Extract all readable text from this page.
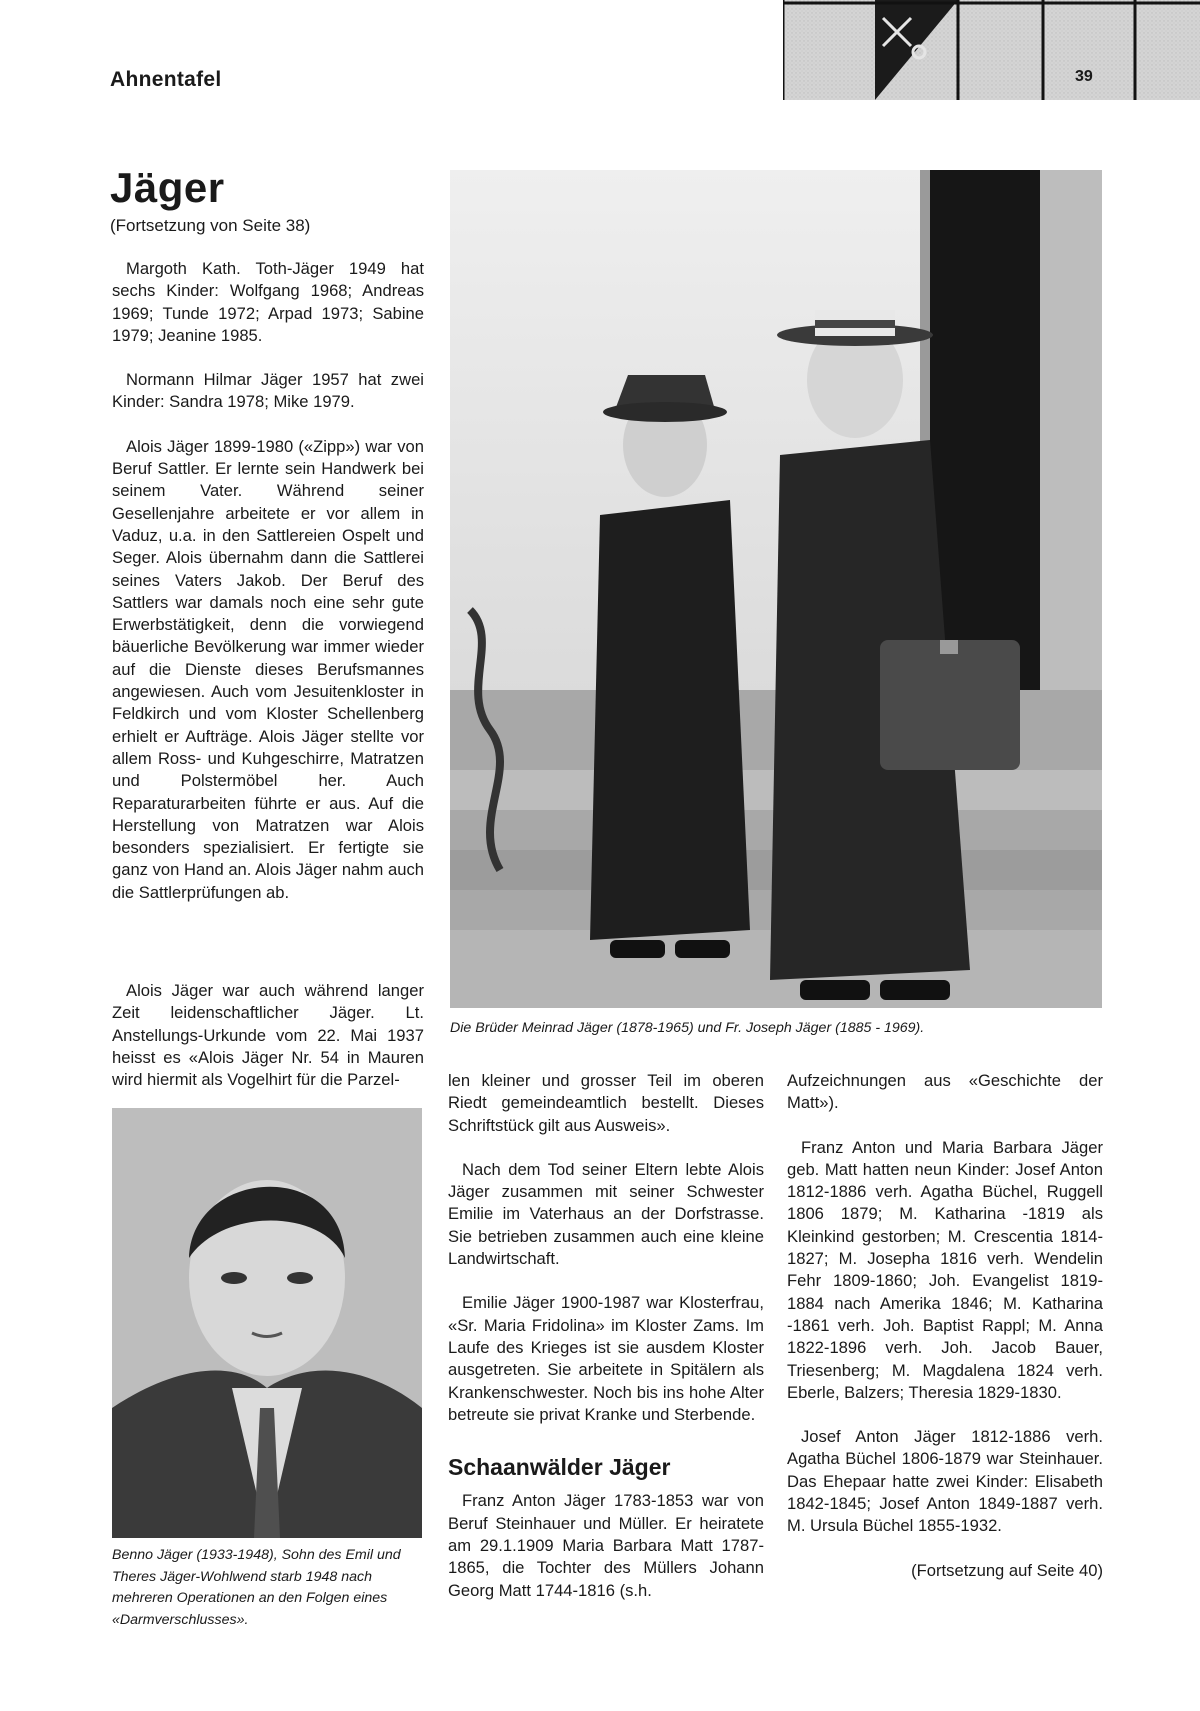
Ahnentafel	39
Jäger
(Fortsetzung von Seite 38)

Margoth Kath. Toth-Jäger 1949 hat sechs Kinder: Wolfgang 1968; Andreas 1969; Tunde 1972; Arpad 1973; Sabine 1979; Jeanine 1985.

Normann Hilmar Jäger 1957 hat zwei Kinder: Sandra 1978; Mike 1979.

Alois Jäger 1899-1980 («Zipp») war von Beruf Sattler. Er lernte sein Handwerk bei seinem Vater. Während seiner Gesellenjahre arbeitete er vor allem in Vaduz, u.a. in den Sattlereien Ospelt und Seger. Alois übernahm dann die Sattlerei seines Vaters Jakob. Der Beruf des Sattlers war damals noch eine sehr gute Erwerbstätigkeit, denn die vorwiegend bäuerliche Bevölkerung war immer wieder auf die Dienste dieses Berufsmannes angewiesen. Auch vom Jesuitenkloster in Feldkirch und vom Kloster Schellenberg erhielt er Aufträge. Alois Jäger stellte vor allem Ross- und Kuhgeschirre, Matratzen und Polstermöbel her. Auch Reparaturarbeiten führte er aus. Auf die Herstellung von Matratzen war Alois besonders spezialisiert. Er fertigte sie ganz von Hand an. Alois Jäger nahm auch die Sattlerprüfungen ab.

Alois Jäger war auch während langer Zeit leidenschaftlicher Jäger. Lt. Anstellungs-Urkunde vom 22. Mai 1937 heisst es «Alois Jäger Nr. 54 in Mauren wird hiermit als Vogelhirt für die Parzel-

Die Brüder Meinrad Jäger (1878-1965) und Fr. Joseph Jäger (1885 - 1969).
Benno Jäger (1933-1948), Sohn des Emil und Theres Jäger-Wohlwend starb 1948 nach mehreren Operationen an den Folgen eines «Darmverschlusses».

len kleiner und grosser Teil im oberen Riedt gemeindeamtlich bestellt. Dieses Schriftstück gilt aus Ausweis».

Nach dem Tod seiner Eltern lebte Alois Jäger zusammen mit seiner Schwester Emilie im Vaterhaus an der Dorfstrasse. Sie betrieben zusammen auch eine kleine Landwirtschaft.

Emilie Jäger 1900-1987 war Klosterfrau, «Sr. Maria Fridolina» im Kloster Zams. Im Laufe des Krieges ist sie ausdem Kloster ausgetreten. Sie arbeitete in Spitälern als Krankenschwester. Noch bis ins hohe Alter betreute sie privat Kranke und Sterbende.

Schaanwälder Jäger

Franz Anton Jäger 1783-1853 war von Beruf Steinhauer und Müller. Er heiratete am 29.1.1909 Maria Barbara Matt 1787-1865, die Tochter des Müllers Johann Georg Matt 1744-1816 (s.h.

Aufzeichnungen aus «Geschichte der Matt»).

Franz Anton und Maria Barbara Jäger geb. Matt hatten neun Kinder: Josef Anton 1812-1886 verh. Agatha Büchel, Ruggell 1806 1879; M. Katharina -1819 als Kleinkind gestorben; M. Crescentia 1814-1827; M. Josepha 1816 verh. Wendelin Fehr 1809-1860; Joh. Evangelist 1819-1884 nach Amerika 1846; M. Katharina -1861 verh. Joh. Baptist Rappl; M. Anna 1822-1896 verh. Joh. Jacob Bauer, Triesenberg; M. Magdalena 1824 verh. Eberle, Balzers; Theresia 1829-1830.

Josef Anton Jäger 1812-1886 verh. Agatha Büchel 1806-1879 war Steinhauer. Das Ehepaar hatte zwei Kinder: Elisabeth 1842-1845; Josef Anton 1849-1887 verh. M. Ursula Büchel 1855-1932.

(Fortsetzung auf Seite 40)
